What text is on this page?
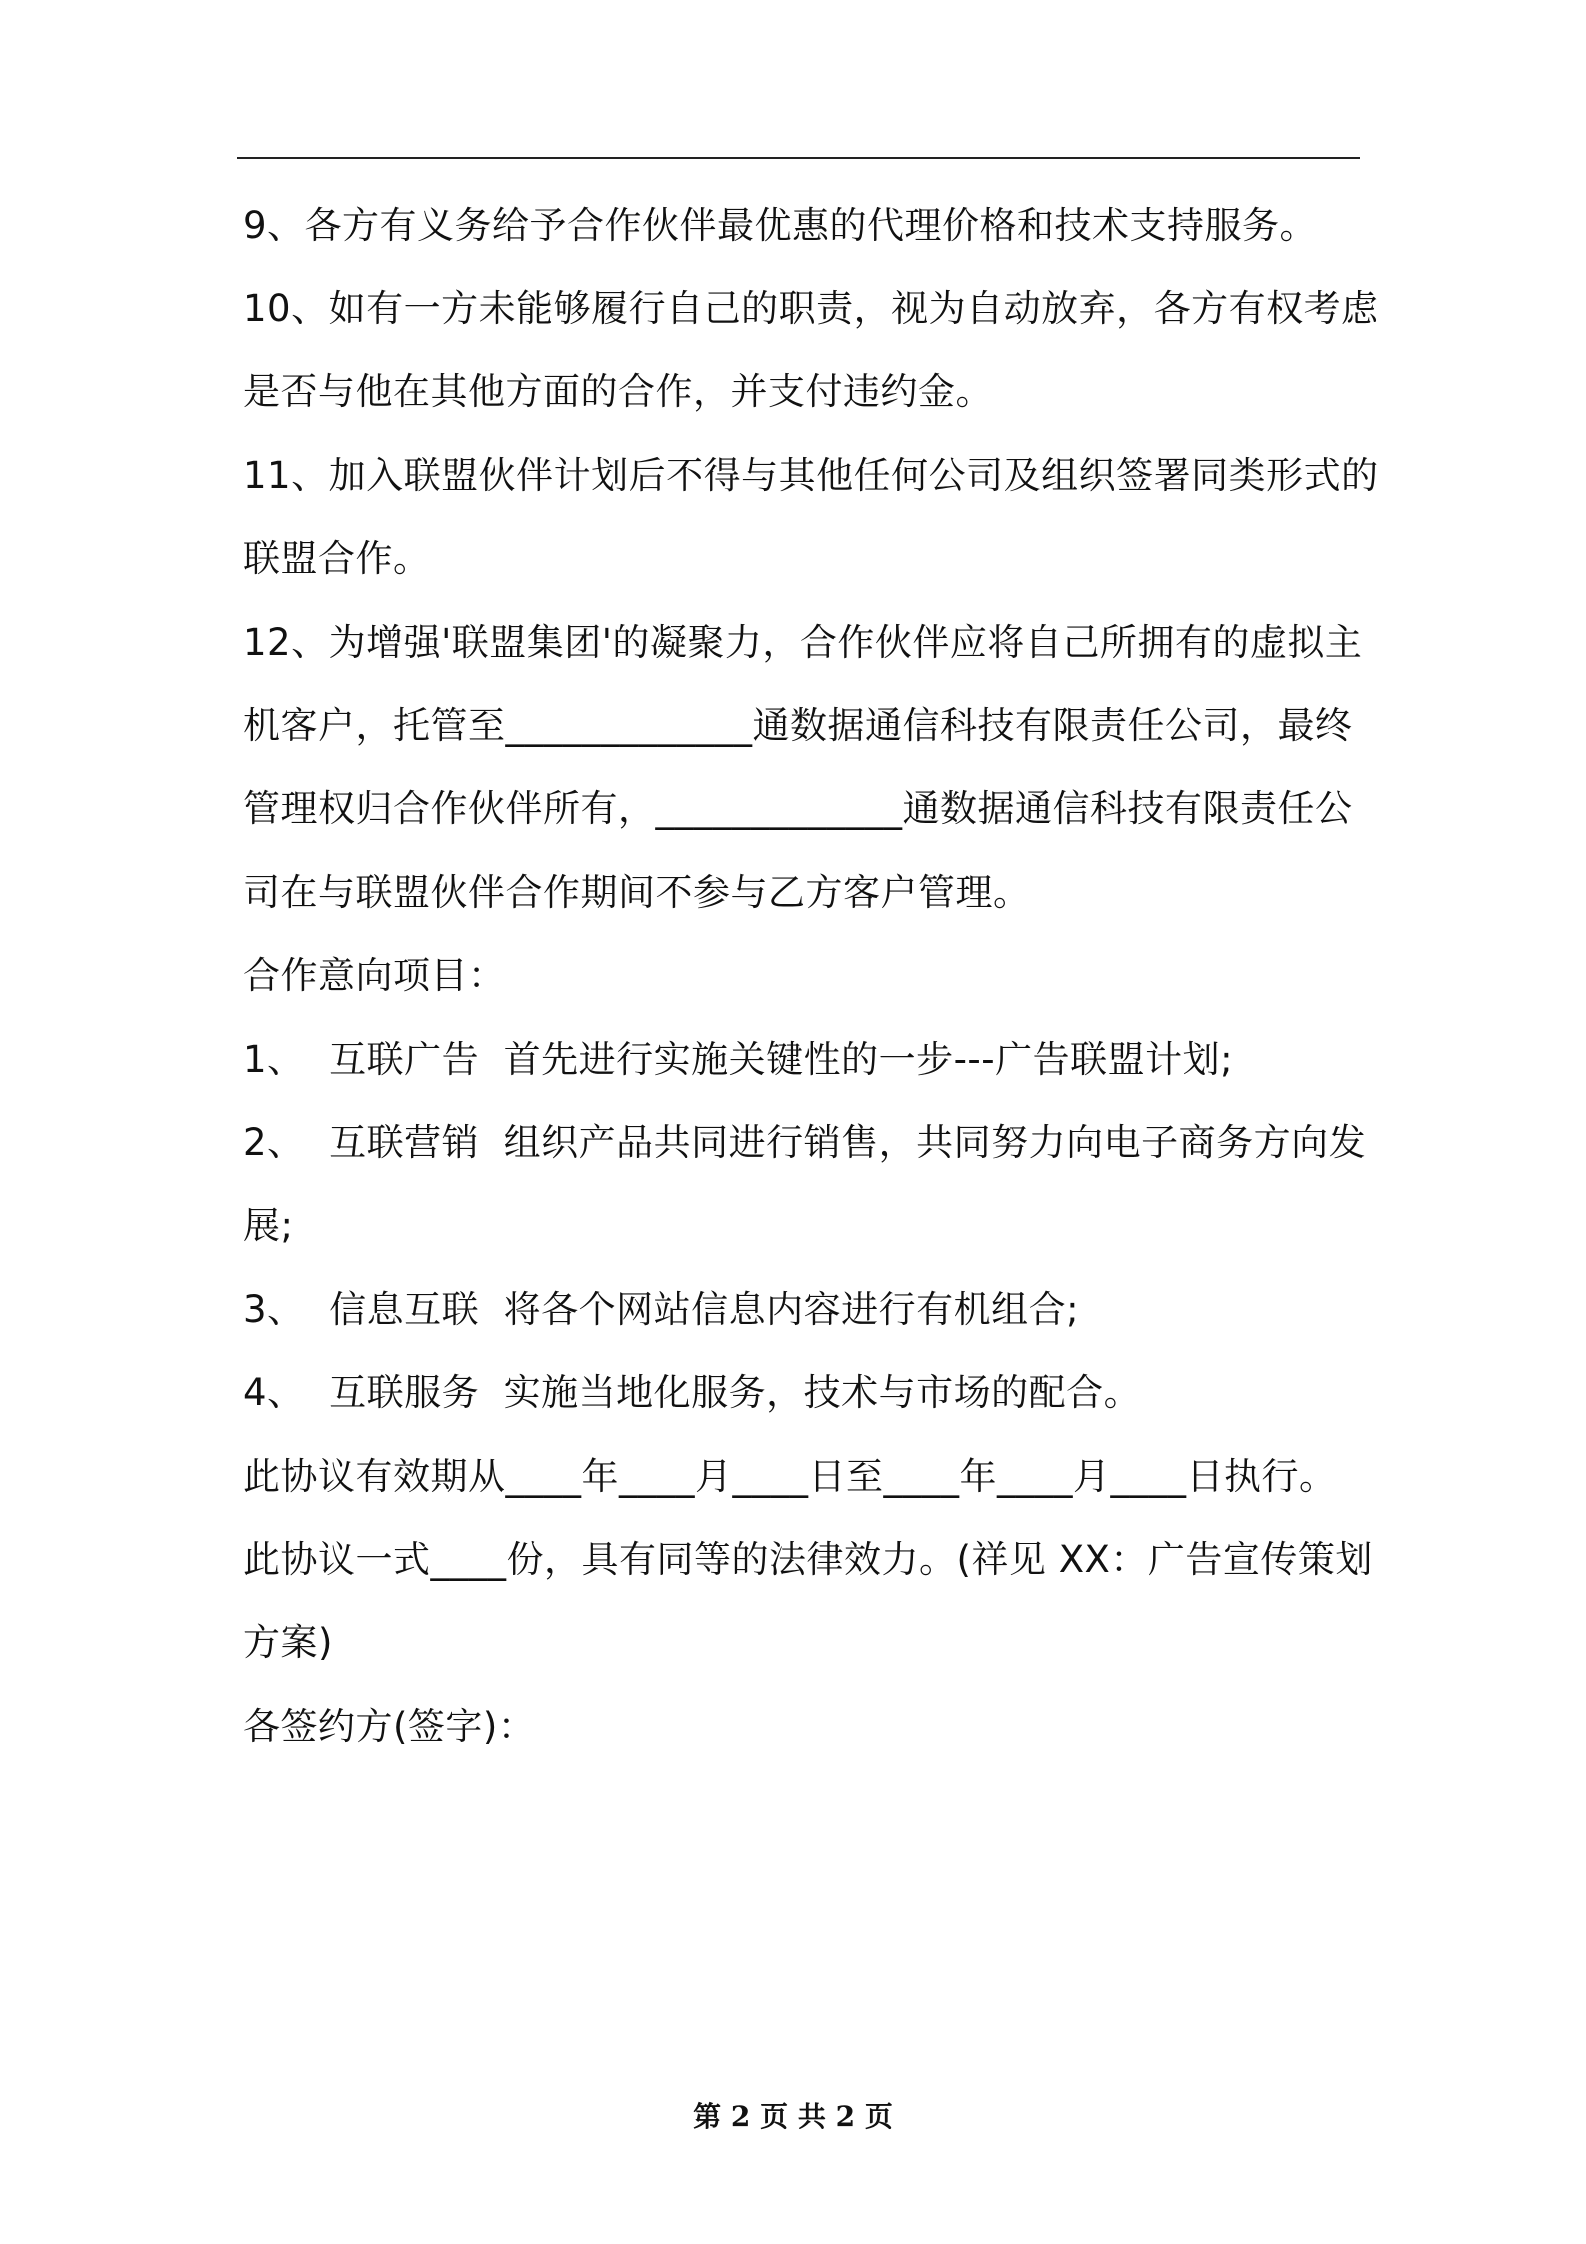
9、各方有义务给予合作伙伴最优惠的代理价格和技术支持服务。
10、如有一方未能够履行自己的职责，视为自动放弃，各方有权考虑
是否与他在其他方面的合作，并支付违约金。
11、加入联盟伙伴计划后不得与其他任何公司及组织签署同类形式的
联盟合作。
12、为增强'联盟集团'的凝聚力，合作伙伴应将自己所拥有的虚拟主
机客户，托管至_____________通数据通信科技有限责任公司，最终
管理权归合作伙伴所有，_____________通数据通信科技有限责任公
司在与联盟伙伴合作期间不参与乙方客户管理。
合作意向项目：
1、  互联广告  首先进行实施关键性的一步---广告联盟计划;
2、  互联营销  组织产品共同进行销售，共同努力向电子商务方向发
展;
3、  信息互联  将各个网站信息内容进行有机组合;
4、  互联服务  实施当地化服务，技术与市场的配合。
此协议有效期从____年____月____日至____年____月____日执行。
此协议一式____份，具有同等的法律效力。(祥见 XX：广告宣传策划
方案)
各签约方(签字)：
第 2 页 共 2 页
